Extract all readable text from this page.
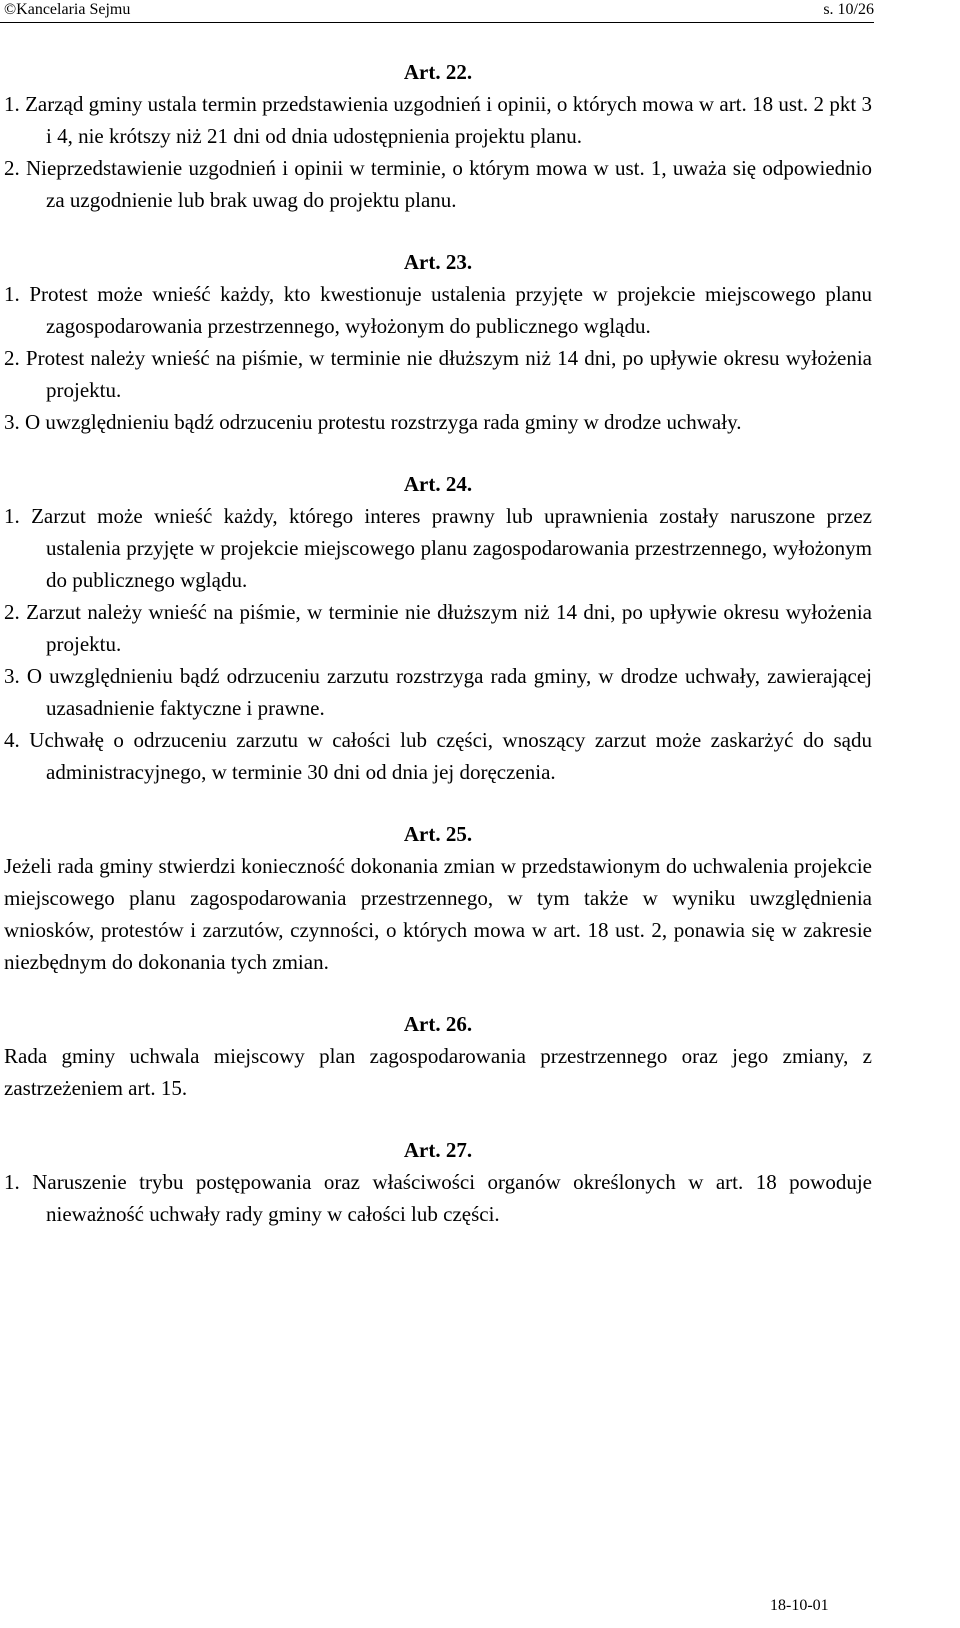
©Kancelaria Sejmu	s. 10/26

Art. 22.

1. Zarząd gminy ustala termin przedstawienia uzgodnień i opinii, o których mowa w art. 18 ust. 2 pkt 3 i 4, nie krótszy niż 21 dni od dnia udostępnienia projektu planu.

2. Nieprzedstawienie uzgodnień i opinii w terminie, o którym mowa w ust. 1, uważa się odpowiednio za uzgodnienie lub brak uwag do projektu planu.

Art. 23.

1. Protest może wnieść każdy, kto kwestionuje ustalenia przyjęte w projekcie miejscowego planu zagospodarowania przestrzennego, wyłożonym do publicznego wglądu.

2. Protest należy wnieść na piśmie, w terminie nie dłuższym niż 14 dni, po upływie okresu wyłożenia projektu.

3. O uwzględnieniu bądź odrzuceniu protestu rozstrzyga rada gminy w drodze uchwały.

Art. 24.

1. Zarzut może wnieść każdy, którego interes prawny lub uprawnienia zostały naruszone przez ustalenia przyjęte w projekcie miejscowego planu zagospodarowania przestrzennego, wyłożonym do publicznego wglądu.

2. Zarzut należy wnieść na piśmie, w terminie nie dłuższym niż 14 dni, po upływie okresu wyłożenia projektu.

3. O uwzględnieniu bądź odrzuceniu zarzutu rozstrzyga rada gminy, w drodze uchwały, zawierającej uzasadnienie faktyczne i prawne.

4. Uchwałę o odrzuceniu zarzutu w całości lub części, wnoszący zarzut może zaskarżyć do sądu administracyjnego, w terminie 30 dni od dnia jej doręczenia.

Art. 25.

Jeżeli rada gminy stwierdzi konieczność dokonania zmian w przedstawionym do uchwalenia projekcie miejscowego planu zagospodarowania przestrzennego, w tym także w wyniku uwzględnienia wniosków, protestów i zarzutów, czynności, o których mowa w art. 18 ust. 2, ponawia się w zakresie niezbędnym do dokonania tych zmian.

Art. 26.

Rada gminy uchwala miejscowy plan zagospodarowania przestrzennego oraz jego zmiany, z zastrzeżeniem art. 15.

Art. 27.

1. Naruszenie trybu postępowania oraz właściwości organów określonych w art. 18 powoduje nieważność uchwały rady gminy w całości lub części.

18-10-01
